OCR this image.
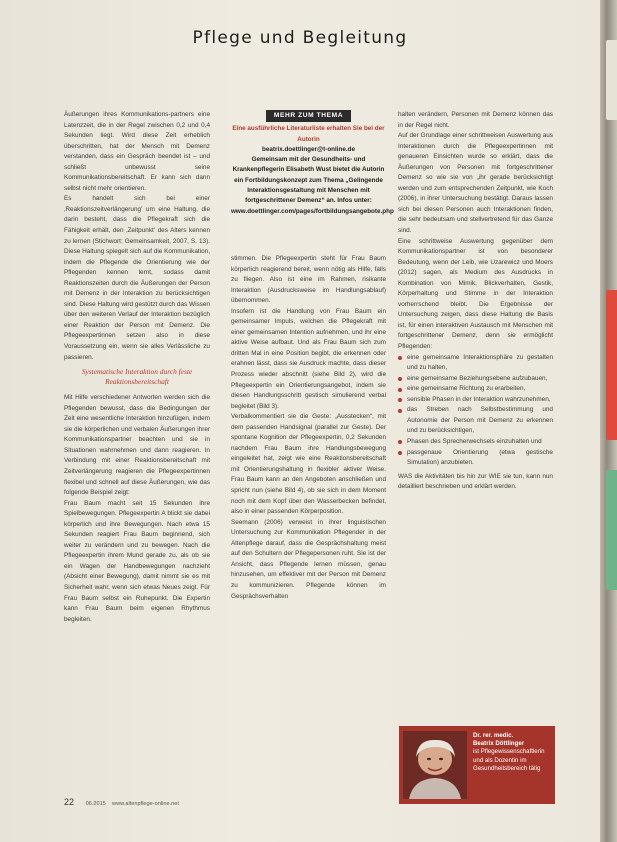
Pflege und Begleitung

Äußerungen ihres Kommunikations-partners eine Latenzzeit, die in der Regel zwischen 0,2 und 0,4 Sekunden liegt. Wird diese Zeit erheblich überschritten, hat der Mensch mit Demenz verstanden, dass ein Gespräch beendet ist – und schließt unbewusst seine Kommunikationsbereitschaft. Er kann sich dann selbst nicht mehr orientieren.

Es handelt sich bei einer ‚Reaktionszeitverlängerung' um eine Haltung, die darin besteht, dass die Pflegekraft sich die Fähigkeit erhält, den ‚Zeitpunkt' des Alters kennen zu lernen (Stichwort: Gemeinsamkeit, 2007, S. 13). Diese Haltung spiegelt sich auf die Kommunikation, indem die Pflegende die Orientierung wie der Pflegenden kennen lernt, sodass damit Reaktionszeiten durch die Äußerungen der Person mit Demenz in der Interaktion zu berücksichtigen sind. Diese Haltung wird gestützt durch das Wissen über den weiteren Verlauf der Interaktion bezüglich einer Reaktion der Person mit Demenz. Die Pflegeexpertinnen setzen also in diese Voraussetzung ein, wenn sie alles Verlässliche zu passieren.

Systematische Interaktion durch feste Reaktionsbereitschaft

Mit Hilfe verschiedener Antworten werden sich die Pflegenden bewusst, dass die Bedingungen der Zeit eine wesentliche Interaktion hinzufügen, indem sie die körperlichen und verbalen Äußerungen ihrer Kommunikationspartner beachten und sie in Situationen wahrnehmen und dann reagieren. In Verbindung mit einer Reaktionsbereitschaft mit Zeitverlängerung reagieren die Pflegeexpertinnen flexibel und schnell auf diese Äußerungen, wie das folgende Beispiel zeigt:

Frau Baum macht seit 15 Sekunden ihre Spielbewegungen. Pflegeexpertin A blickt sie dabei körperlich und ihre Bewegungen. Nach etwa 15 Sekunden reagiert Frau Baum beginnend, sich weiter zu verändern und zu bewegen. Nach die Pflegeexpertin ihrem Mund gerade zu, als ob sie ein Wagen der Handbewegungen nachzieht (Absicht einer Bewegung), damit nimmt sie es mit Sicherheit wahr, wenn sich etwas Neues zeigt. Für Frau Baum selbst ein Ruhepunkt. Die Expertin kann Frau Baum beim eigenen Rhythmus begleiten.

MEHR ZUM THEMA
Eine ausführliche Literaturliste erhalten Sie bei der Autorin
beatrix.doettlinger@t-online.de
Gemeinsam mit der Gesundheits- und Krankenpflegerin Elisabeth Wust bietet die Autorin ein Fortbildungskonzept zum Thema „Gelingende Interaktionsgestaltung mit Menschen mit fortgeschrittener Demenz“ an. Infos unter:
www.doettlinger.com/pages/fortbildungsangebote.php

stimmen. Die Pflegeexpertin steht für Frau Baum körperlich reagierend bereit, wenn nötig als Hilfe, falls zu fliegen. Also ist eine im Rahmen, risikante Interaktion (Ausdrucksweise im Handlungsablauf) übernommen.

Insofern ist die Handlung von Frau Baum ein gemeinsamer Impuls, welchen die Pflegekraft mit einer gemeinsamen Intention aufnehmen, und ihr eine aktive Weise aufbaut. Und als Frau Baum sich zum dritten Mal in eine Position begibt, die erkennen oder erahnen lässt, dass sie Ausdruck machte, dass dieser Prozess wieder abschnitt (siehe Bild 2), wird die Pflegeexpertin ein Orientierungsangebot, indem sie diesen Handlungsschritt gestisch simulierend verbal begleitet (Bild 3).

Verbalkommentiert sie die Geste: „Ausstecken“, mit dem passenden Handsignal (parallel zur Geste). Der spontane Kognition der Pflegeexpertin, 0,2 Sekunden nachdem Frau Baum ihre Handlungsbewegung eingeleitet hat, zeigt wie eine Reaktionsbereitschaft mit Orientierungshaltung in flexibler aktiver Weise. Frau Baum kann an den Angeboten anschließen und spricht nun (siehe Bild 4), ob sie sich in dem Moment noch mit dem Kopf über den Wasserbecken befindet, also in einer passenden Körperposition.

Seemann (2006) verweist in ihrer linguistischen Untersuchung zur Kommunikation Pflegender in der Altenpflege darauf, dass die Gesprächshaltung meist auf den Schultern der Pflegepersonen ruht. Sie ist der Ansicht, dass Pflegende lernen müssen, genau hinzusehen, um effektiver mit der Person mit Demenz zu kommunizieren. Pflegende können im Gesprächsverhalten

halten verändern, Personen mit Demenz können das in der Regel nicht.

Auf der Grundlage einer schrittweisen Auswertung aus Interaktionen durch die Pflegeexpertinnen mit genaueren Einsichten wurde so erklärt, dass die Äußerungen von Personen mit fortgeschrittener Demenz so wie sie von „ihr gerade berücksichtigt werden und zum entsprechenden Zeitpunkt, wie Koch (2006), in ihrer Untersuchung bestätigt. Daraus lassen sich bei diesen Personen auch Interaktionen finden, die sehr bedeutsam und stellvertretend für das Ganze sind.

Eine schrittweise Auswertung gegenüber dem Kommunikationspartner ist von besonderer Bedeutung, wenn der Leib, wie Uzarewicz und Moers (2012) sagen, als Medium des Ausdrucks in Kombination von Mimik, Blickverhalten, Gestik, Körperhaltung und Stimme in der Interaktion vorherrschend bleibt. Die Ergebnisse der Untersuchung zeigen, dass diese Haltung die Basis ist, für einen interaktiven Austausch mit Menschen mit fortgeschrittener Demenz, denn sie ermöglicht Pflegenden:

eine gemeinsame Interaktionsphäre zu gestalten und zu halten,
eine gemeinsame Beziehungsebene aufzubauen,
eine gemeinsame Richtung zu erarbeiten,
sensible Phasen in der Interaktion wahrzunehmen,
das Streben nach Selbstbestimmung und Autonomie der Person mit Demenz zu erkennen und zu berücksichtigen,
Phasen des Sprecherwechsels einzuhalten und
passgenaue Orientierung (etwa gestische Simulation) anzubieten.

WAS die Aktivitäten bis hin zur WIE sie tun, kann nun detailliert beschrieben und erklärt werden.

Dr. rer. medic.
Beatrix Döttlinger
ist Pflegewissenschaftlerin und als Dozentin im Gesundheitsbereich tätig
22 06.2015 www.altenpflege-online.net
